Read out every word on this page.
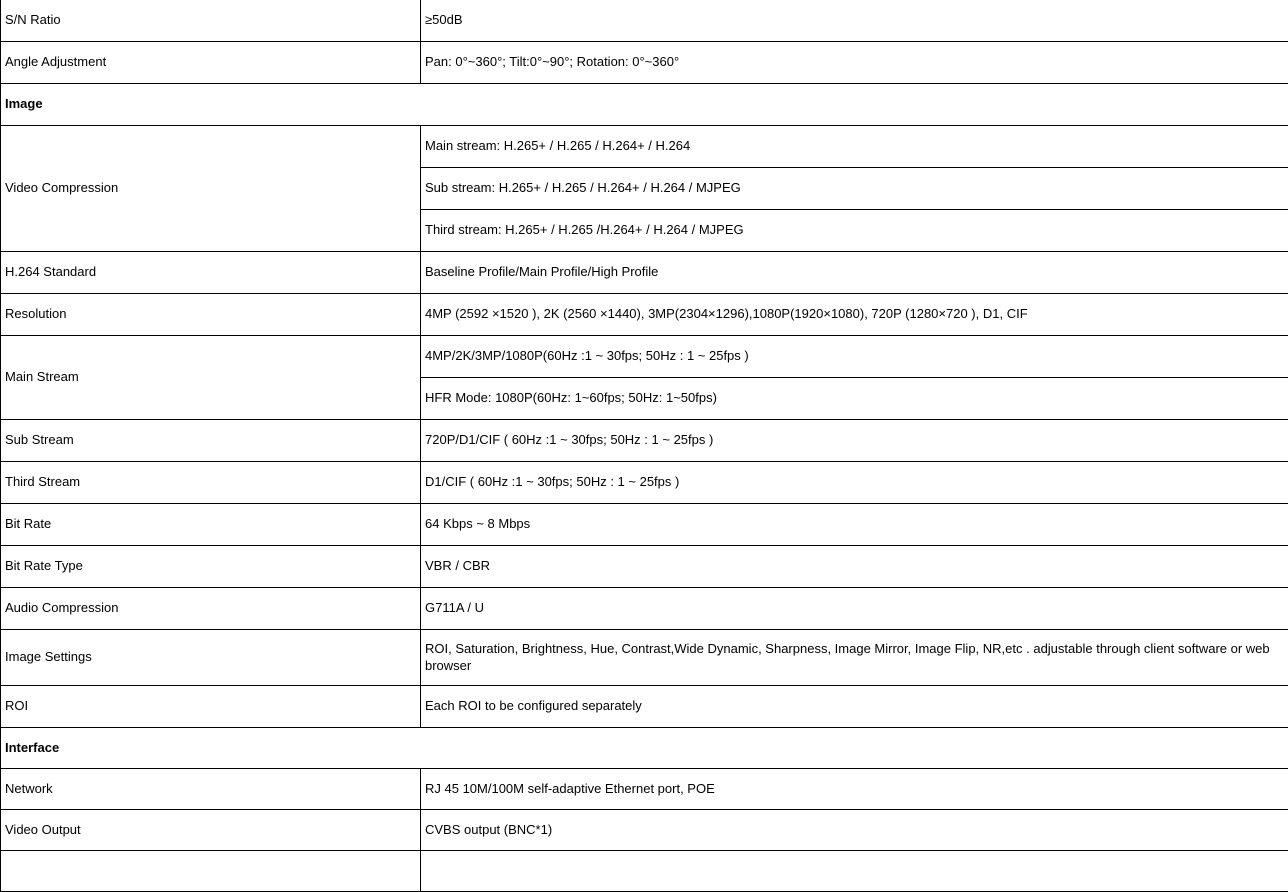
S/N Ratio	≥50dB
Angle Adjustment	Pan: 0°~360°; Tilt:0°~90°; Rotation: 0°~360°
Image	
Video Compression	Main stream: H.265+ / H.265 / H.264+ / H.264
	Sub stream: H.265+ / H.265 / H.264+ / H.264 / MJPEG
	Third stream: H.265+ / H.265 /H.264+ / H.264 / MJPEG
H.264 Standard	Baseline Profile/Main Profile/High Profile
Resolution	4MP (2592 ×1520 ), 2K (2560 ×1440), 3MP(2304×1296),1080P(1920×1080), 720P (1280×720 ), D1, CIF
Main Stream	4MP/2K/3MP/1080P(60Hz :1 ~ 30fps; 50Hz : 1 ~ 25fps )
	HFR Mode: 1080P(60Hz: 1~60fps; 50Hz: 1~50fps)
Sub Stream	720P/D1/CIF ( 60Hz :1 ~ 30fps; 50Hz : 1 ~ 25fps )
Third Stream	D1/CIF ( 60Hz :1 ~ 30fps; 50Hz : 1 ~ 25fps )
Bit Rate	64 Kbps ~ 8 Mbps
Bit Rate Type	VBR / CBR
Audio Compression	G711A / U
Image Settings	ROI, Saturation, Brightness, Hue, Contrast,Wide Dynamic, Sharpness, Image Mirror, Image Flip, NR,etc . adjustable through client software or web browser
ROI	Each ROI to be configured separately
Interface	
Network	RJ 45 10M/100M self-adaptive Ethernet port, POE
Video Output	CVBS output (BNC*1)
